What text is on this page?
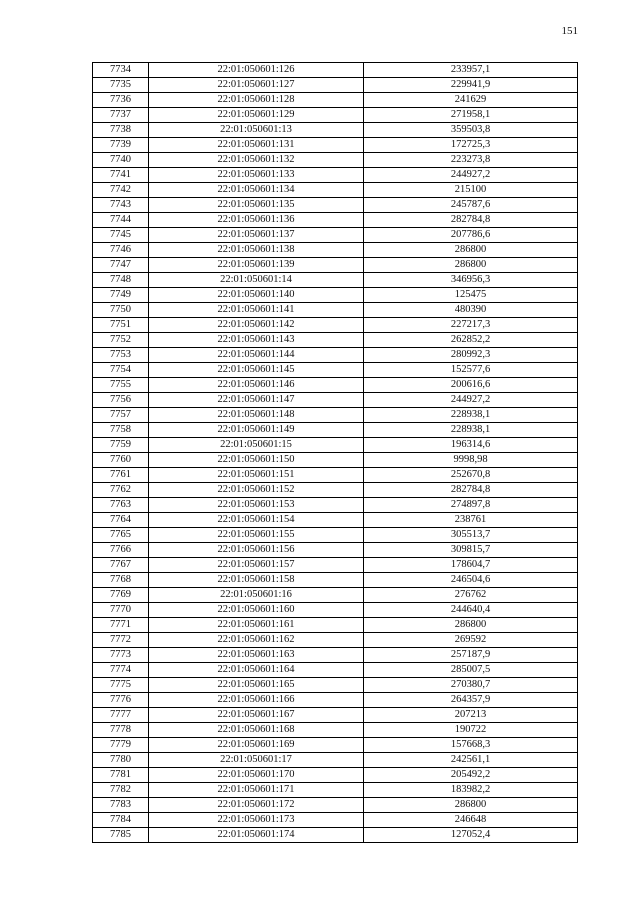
151
7734	22:01:050601:126	233957,1
7735	22:01:050601:127	229941,9
7736	22:01:050601:128	241629
7737	22:01:050601:129	271958,1
7738	22:01:050601:13	359503,8
7739	22:01:050601:131	172725,3
7740	22:01:050601:132	223273,8
7741	22:01:050601:133	244927,2
7742	22:01:050601:134	215100
7743	22:01:050601:135	245787,6
7744	22:01:050601:136	282784,8
7745	22:01:050601:137	207786,6
7746	22:01:050601:138	286800
7747	22:01:050601:139	286800
7748	22:01:050601:14	346956,3
7749	22:01:050601:140	125475
7750	22:01:050601:141	480390
7751	22:01:050601:142	227217,3
7752	22:01:050601:143	262852,2
7753	22:01:050601:144	280992,3
7754	22:01:050601:145	152577,6
7755	22:01:050601:146	200616,6
7756	22:01:050601:147	244927,2
7757	22:01:050601:148	228938,1
7758	22:01:050601:149	228938,1
7759	22:01:050601:15	196314,6
7760	22:01:050601:150	9998,98
7761	22:01:050601:151	252670,8
7762	22:01:050601:152	282784,8
7763	22:01:050601:153	274897,8
7764	22:01:050601:154	238761
7765	22:01:050601:155	305513,7
7766	22:01:050601:156	309815,7
7767	22:01:050601:157	178604,7
7768	22:01:050601:158	246504,6
7769	22:01:050601:16	276762
7770	22:01:050601:160	244640,4
7771	22:01:050601:161	286800
7772	22:01:050601:162	269592
7773	22:01:050601:163	257187,9
7774	22:01:050601:164	285007,5
7775	22:01:050601:165	270380,7
7776	22:01:050601:166	264357,9
7777	22:01:050601:167	207213
7778	22:01:050601:168	190722
7779	22:01:050601:169	157668,3
7780	22:01:050601:17	242561,1
7781	22:01:050601:170	205492,2
7782	22:01:050601:171	183982,2
7783	22:01:050601:172	286800
7784	22:01:050601:173	246648
7785	22:01:050601:174	127052,4
